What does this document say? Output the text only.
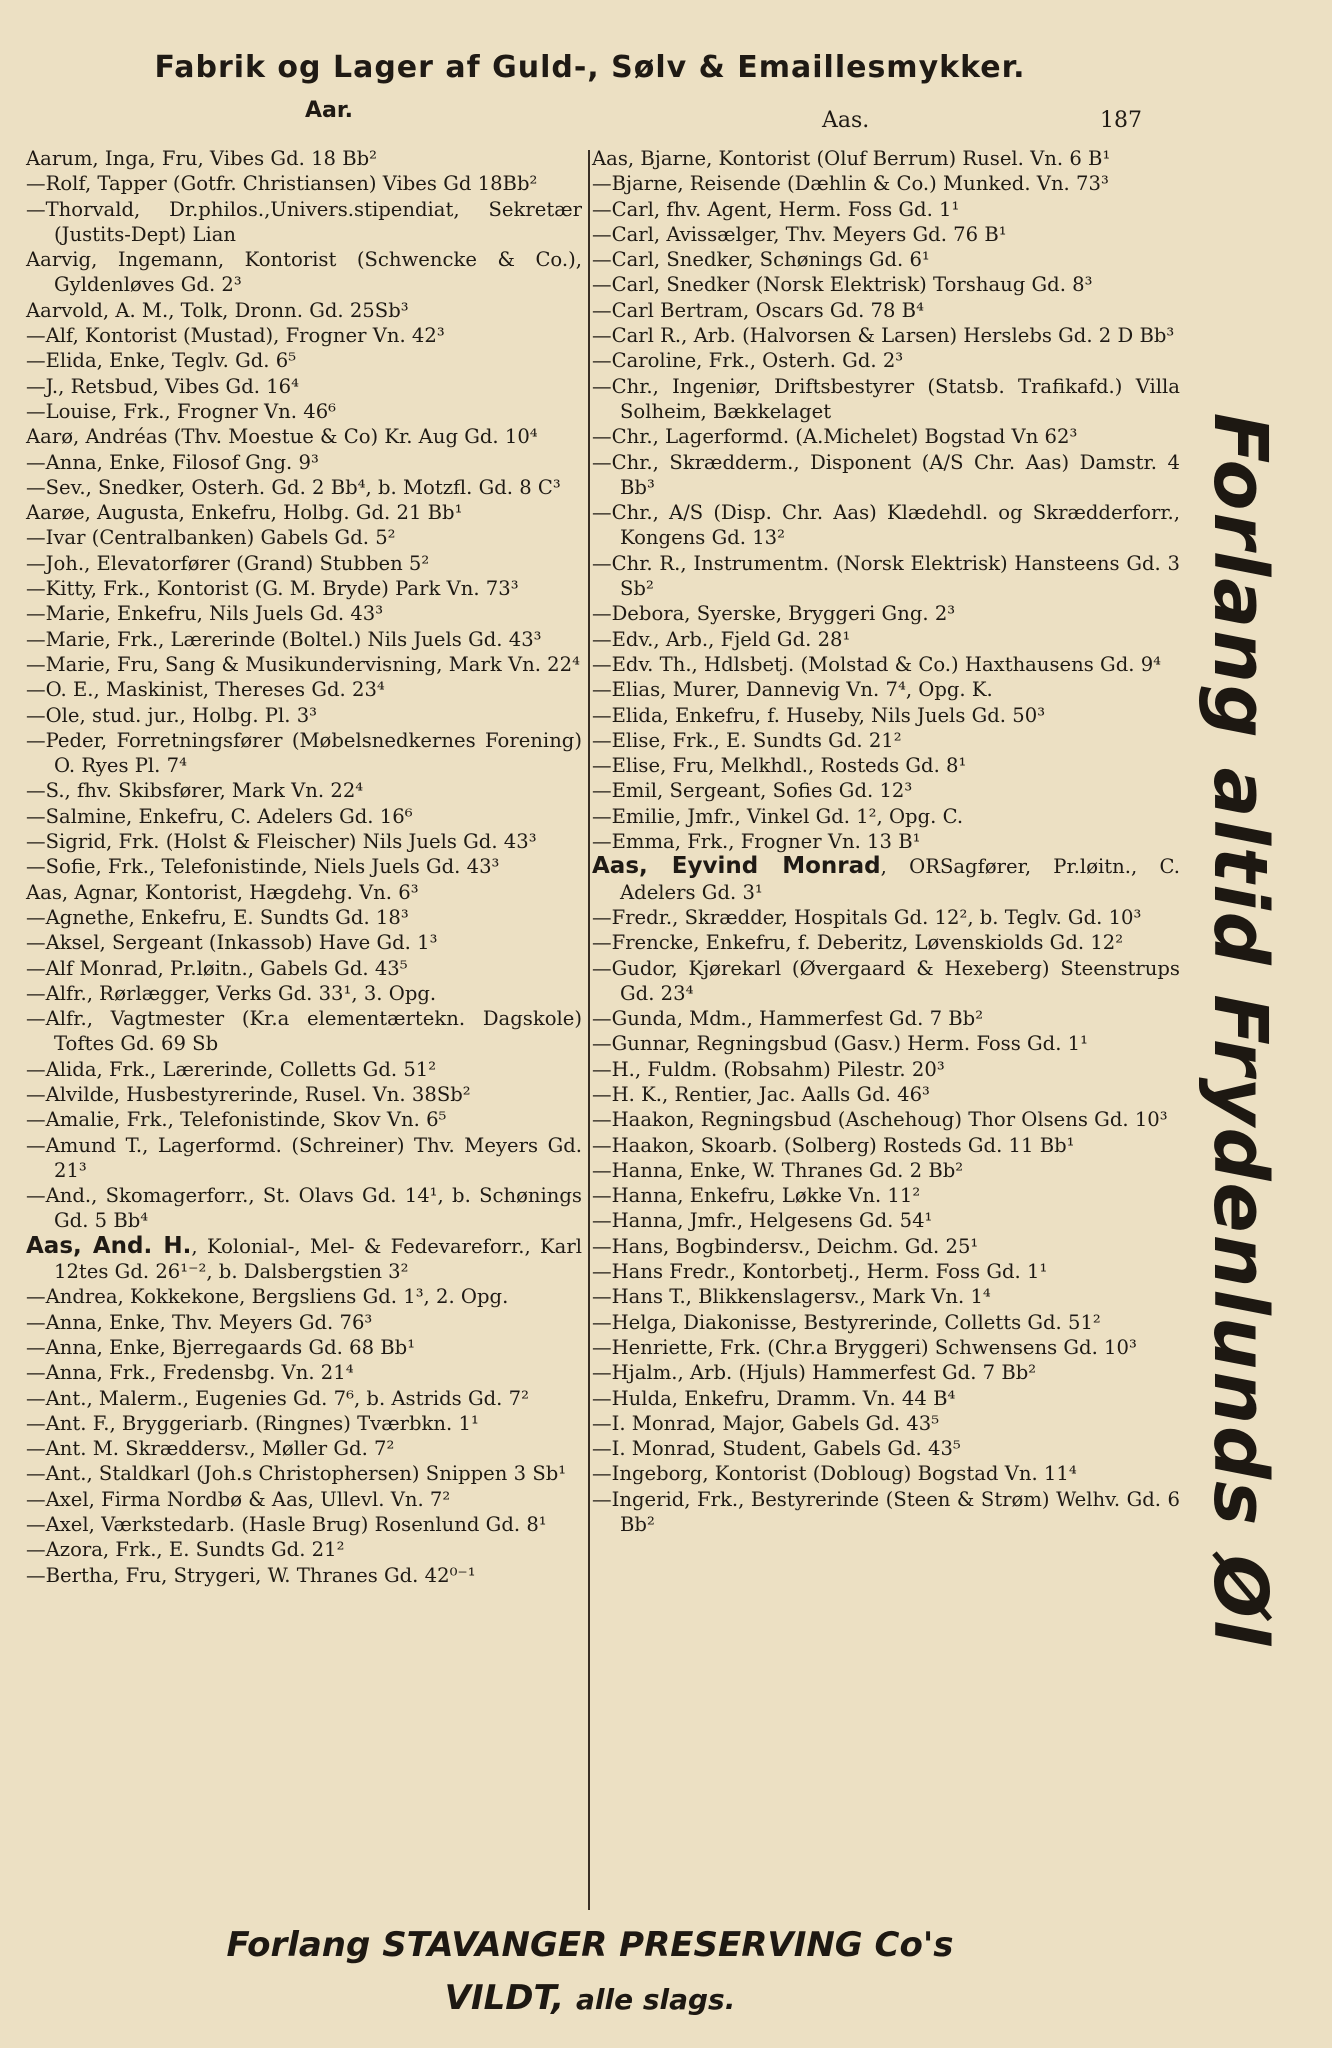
Fabrik og Lager af Guld-, Sølv & Emaillesmykker.
Aar.	Aas.	187

Aarum, Inga, Fru, Vibes Gd. 18 Bb²

—Rolf, Tapper (Gotfr. Christiansen) Vibes Gd 18Bb²

—Thorvald, Dr.philos.,Univers.stipendiat, Sekretær (Justits-Dept) Lian

Aarvig, Ingemann, Kontorist (Schwencke & Co.), Gyldenløves Gd. 2³

Aarvold, A. M., Tolk, Dronn. Gd. 25Sb³

—Alf, Kontorist (Mustad), Frogner Vn. 42³

—Elida, Enke, Teglv. Gd. 6⁵

—J., Retsbud, Vibes Gd. 16⁴

—Louise, Frk., Frogner Vn. 46⁶

Aarø, Andréas (Thv. Moestue & Co) Kr. Aug Gd. 10⁴

—Anna, Enke, Filosof Gng. 9³

—Sev., Snedker, Osterh. Gd. 2 Bb⁴, b. Motzfl. Gd. 8 C³

Aarøe, Augusta, Enkefru, Holbg. Gd. 21 Bb¹

—Ivar (Centralbanken) Gabels Gd. 5²

—Joh., Elevatorfører (Grand) Stubben 5²

—Kitty, Frk., Kontorist (G. M. Bryde) Park Vn. 73³

—Marie, Enkefru, Nils Juels Gd. 43³

—Marie, Frk., Lærerinde (Boltel.) Nils Juels Gd. 43³

—Marie, Fru, Sang & Musikundervisning, Mark Vn. 22⁴

—O. E., Maskinist, Thereses Gd. 23⁴

—Ole, stud. jur., Holbg. Pl. 3³

—Peder, Forretningsfører (Møbelsnedkernes Forening) O. Ryes Pl. 7⁴

—S., fhv. Skibsfører, Mark Vn. 22⁴

—Salmine, Enkefru, C. Adelers Gd. 16⁶

—Sigrid, Frk. (Holst & Fleischer) Nils Juels Gd. 43³

—Sofie, Frk., Telefonistinde, Niels Juels Gd. 43³

Aas, Agnar, Kontorist, Hægdehg. Vn. 6³

—Agnethe, Enkefru, E. Sundts Gd. 18³

—Aksel, Sergeant (Inkassob) Have Gd. 1³

—Alf Monrad, Pr.løitn., Gabels Gd. 43⁵

—Alfr., Rørlægger, Verks Gd. 33¹, 3. Opg.

—Alfr., Vagtmester (Kr.a elementærtekn. Dagskole) Toftes Gd. 69 Sb

—Alida, Frk., Lærerinde, Colletts Gd. 51²

—Alvilde, Husbestyrerinde, Rusel. Vn. 38Sb²

—Amalie, Frk., Telefonistinde, Skov Vn. 6⁵

—Amund T., Lagerformd. (Schreiner) Thv. Meyers Gd. 21³

—And., Skomagerforr., St. Olavs Gd. 14¹, b. Schønings Gd. 5 Bb⁴

Aas, And. H., Kolonial-, Mel- & Fedevareforr., Karl 12tes Gd. 26¹⁻², b. Dalsbergstien 3²

—Andrea, Kokkekone, Bergsliens Gd. 1³, 2. Opg.

—Anna, Enke, Thv. Meyers Gd. 76³

—Anna, Enke, Bjerregaards Gd. 68 Bb¹

—Anna, Frk., Fredensbg. Vn. 21⁴

—Ant., Malerm., Eugenies Gd. 7⁶, b. Astrids Gd. 7²

—Ant. F., Bryggeriarb. (Ringnes) Tværbkn. 1¹

—Ant. M. Skræddersv., Møller Gd. 7²

—Ant., Staldkarl (Joh.s Christophersen) Snippen 3 Sb¹

—Axel, Firma Nordbø & Aas, Ullevl. Vn. 7²

—Axel, Værkstedarb. (Hasle Brug) Rosenlund Gd. 8¹

—Azora, Frk., E. Sundts Gd. 21²

—Bertha, Fru, Strygeri, W. Thranes Gd. 42⁰⁻¹

Aas, Bjarne, Kontorist (Oluf Berrum) Rusel. Vn. 6 B¹

—Bjarne, Reisende (Dæhlin & Co.) Munked. Vn. 73³

—Carl, fhv. Agent, Herm. Foss Gd. 1¹

—Carl, Avissælger, Thv. Meyers Gd. 76 B¹

—Carl, Snedker, Schønings Gd. 6¹

—Carl, Snedker (Norsk Elektrisk) Torshaug Gd. 8³

—Carl Bertram, Oscars Gd. 78 B⁴

—Carl R., Arb. (Halvorsen & Larsen) Herslebs Gd. 2 D Bb³

—Caroline, Frk., Osterh. Gd. 2³

—Chr., Ingeniør, Driftsbestyrer (Statsb. Trafikafd.) Villa Solheim, Bækkelaget

—Chr., Lagerformd. (A.Michelet) Bogstad Vn 62³

—Chr., Skrædderm., Disponent (A/S Chr. Aas) Damstr. 4 Bb³

—Chr., A/S (Disp. Chr. Aas) Klædehdl. og Skrædderforr., Kongens Gd. 13²

—Chr. R., Instrumentm. (Norsk Elektrisk) Hansteens Gd. 3 Sb²

—Debora, Syerske, Bryggeri Gng. 2³

—Edv., Arb., Fjeld Gd. 28¹

—Edv. Th., Hdlsbetj. (Molstad & Co.) Haxthausens Gd. 9⁴

—Elias, Murer, Dannevig Vn. 7⁴, Opg. K.

—Elida, Enkefru, f. Huseby, Nils Juels Gd. 50³

—Elise, Frk., E. Sundts Gd. 21²

—Elise, Fru, Melkhdl., Rosteds Gd. 8¹

—Emil, Sergeant, Sofies Gd. 12³

—Emilie, Jmfr., Vinkel Gd. 1², Opg. C.

—Emma, Frk., Frogner Vn. 13 B¹

Aas, Eyvind Monrad, ORSagfører, Pr.løitn., C. Adelers Gd. 3¹

—Fredr., Skrædder, Hospitals Gd. 12², b. Teglv. Gd. 10³

—Frencke, Enkefru, f. Deberitz, Løvenskiolds Gd. 12²

—Gudor, Kjørekarl (Øvergaard & Hexeberg) Steenstrups Gd. 23⁴

—Gunda, Mdm., Hammerfest Gd. 7 Bb²

—Gunnar, Regningsbud (Gasv.) Herm. Foss Gd. 1¹

—H., Fuldm. (Robsahm) Pilestr. 20³

—H. K., Rentier, Jac. Aalls Gd. 46³

—Haakon, Regningsbud (Aschehoug) Thor Olsens Gd. 10³

—Haakon, Skoarb. (Solberg) Rosteds Gd. 11 Bb¹

—Hanna, Enke, W. Thranes Gd. 2 Bb²

—Hanna, Enkefru, Løkke Vn. 11²

—Hanna, Jmfr., Helgesens Gd. 54¹

—Hans, Bogbindersv., Deichm. Gd. 25¹

—Hans Fredr., Kontorbetj., Herm. Foss Gd. 1¹

—Hans T., Blikkenslagersv., Mark Vn. 1⁴

—Helga, Diakonisse, Bestyrerinde, Colletts Gd. 51²

—Henriette, Frk. (Chr.a Bryggeri) Schwensens Gd. 10³

—Hjalm., Arb. (Hjuls) Hammerfest Gd. 7 Bb²

—Hulda, Enkefru, Dramm. Vn. 44 B⁴

—I. Monrad, Major, Gabels Gd. 43⁵

—I. Monrad, Student, Gabels Gd. 43⁵

—Ingeborg, Kontorist (Dobloug) Bogstad Vn. 11⁴

—Ingerid, Frk., Bestyrerinde (Steen & Strøm) Welhv. Gd. 6 Bb²	Forlang altid Frydenlunds Øl
Forlang STAVANGER PRESERVING Co's
VILDT, alle slags.
